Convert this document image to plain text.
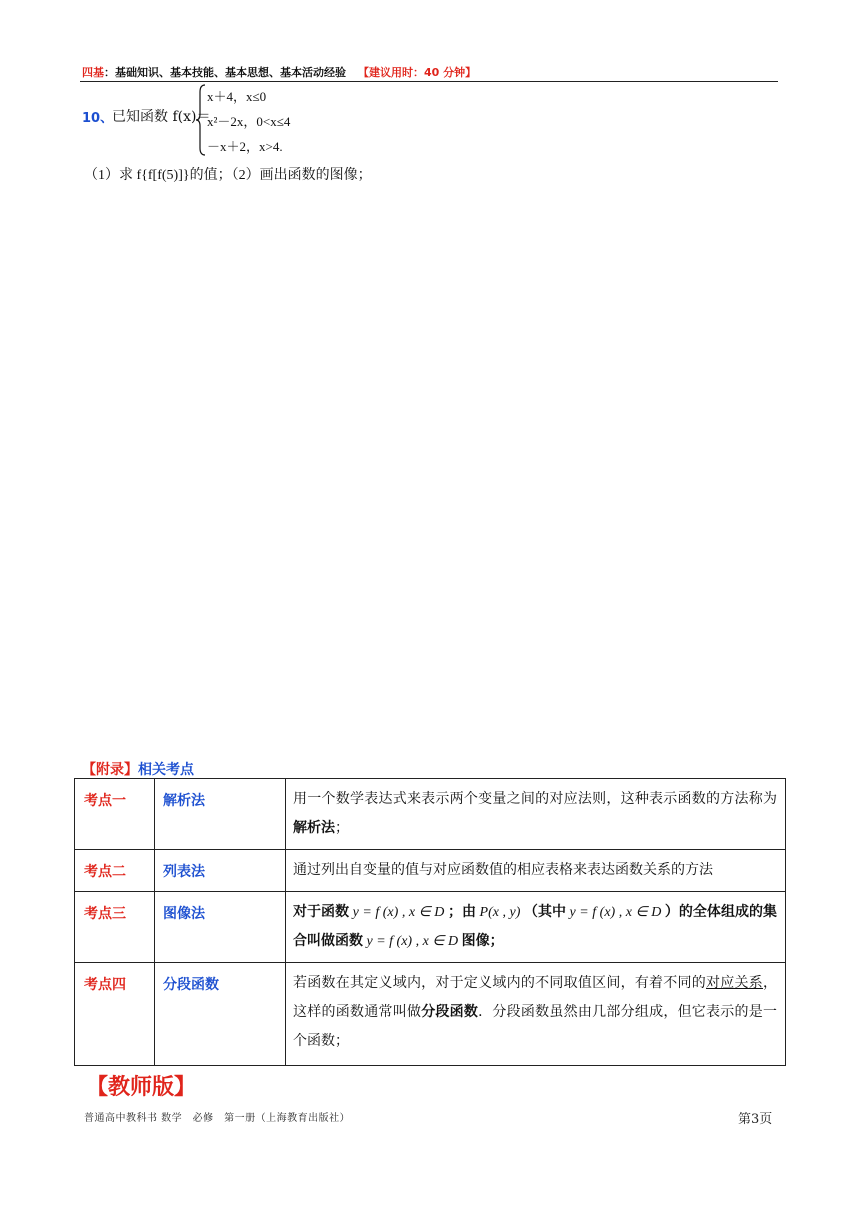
四基：基础知识、基本技能、基本思想、基本活动经验 【建议用时：40 分钟】
10、
已知函数 f(x)＝
x＋4，x≤0
x²－2x，0<x≤4
－x＋2，x>4.
（1）求 f{f[f(5)]}的值；（2）画出函数的图像；
【附录】相关考点
考点一	解析法	用一个数学表达式来表示两个变量之间的对应法则，这种表示函数的方法称为解析法；
考点二	列表法	通过列出自变量的值与对应函数值的相应表格来表达函数关系的方法
考点三	图像法	对于函数 y = f (x) , x ∈ D ；由 P(x , y) （其中 y = f (x) , x ∈ D ）的全体组成的集合叫做函数 y = f (x) , x ∈ D 图像；
考点四	分段函数	若函数在其定义域内，对于定义域内的不同取值区间，有着不同的对应关系，这样的函数通常叫做分段函数．分段函数虽然由几部分组成，但它表示的是一个函数；
【教师版】
普通高中教科书 数学　必修　第一册（上海教育出版社）	第3页
